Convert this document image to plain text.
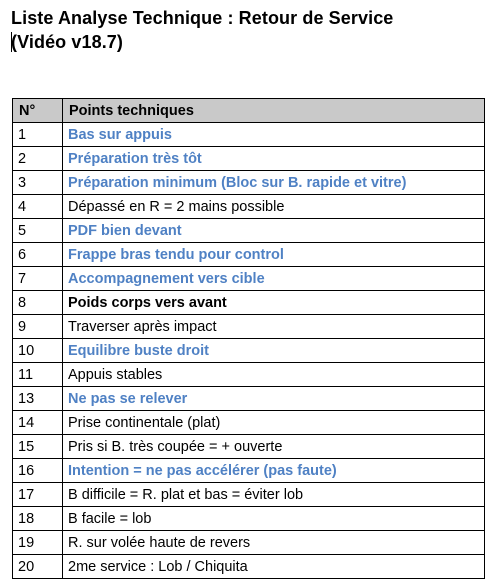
Liste Analyse Technique : Retour de Service
(Vidéo v18.7)
N°	Points techniques
1	Bas sur appuis
2	Préparation très tôt
3	Préparation minimum (Bloc sur B. rapide et vitre)
4	Dépassé en R = 2 mains possible
5	PDF bien devant
6	Frappe bras tendu pour control
7	Accompagnement vers cible
8	Poids corps vers avant
9	Traverser après impact
10	Equilibre buste droit
11	Appuis stables
13	Ne pas se relever
14	Prise continentale (plat)
15	Pris si B. très coupée = + ouverte
16	Intention = ne pas accélérer (pas faute)
17	B difficile = R. plat et bas = éviter lob
18	B facile = lob
19	R. sur volée haute de revers
20	2me service : Lob / Chiquita
